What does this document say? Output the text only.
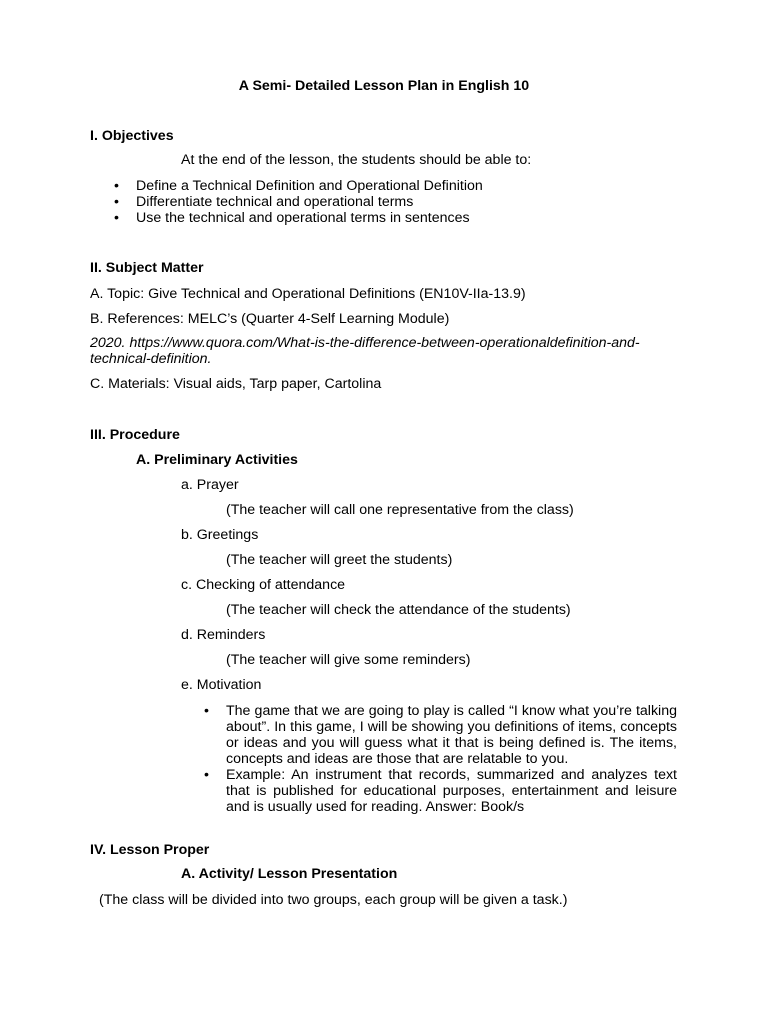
A Semi- Detailed Lesson Plan in English 10
I. Objectives
At the end of the lesson, the students should be able to:
• Define a Technical Definition and Operational Definition
• Differentiate technical and operational terms
• Use the technical and operational terms in sentences
II. Subject Matter
A. Topic: Give Technical and Operational Definitions (EN10V-IIa-13.9)
B. References: MELC’s (Quarter 4-Self Learning Module)
2020. https://www.quora.com/What-is-the-difference-between-operationaldefinition-and-
technical-definition.
C. Materials: Visual aids, Tarp paper, Cartolina
III. Procedure
A. Preliminary Activities
a. Prayer
(The teacher will call one representative from the class)
b. Greetings
(The teacher will greet the students)
c. Checking of attendance
(The teacher will check the attendance of the students)
d. Reminders
(The teacher will give some reminders)
e. Motivation
• The game that we are going to play is called “I know what you’re talking about”. In this game, I will be showing you definitions of items, concepts or ideas and you will guess what it that is being defined is. The items, concepts and ideas are those that are relatable to you.
• Example: An instrument that records, summarized and analyzes text that is published for educational purposes, entertainment and leisure and is usually used for reading. Answer: Book/s
IV. Lesson Proper
A. Activity/ Lesson Presentation
(The class will be divided into two groups, each group will be given a task.)
